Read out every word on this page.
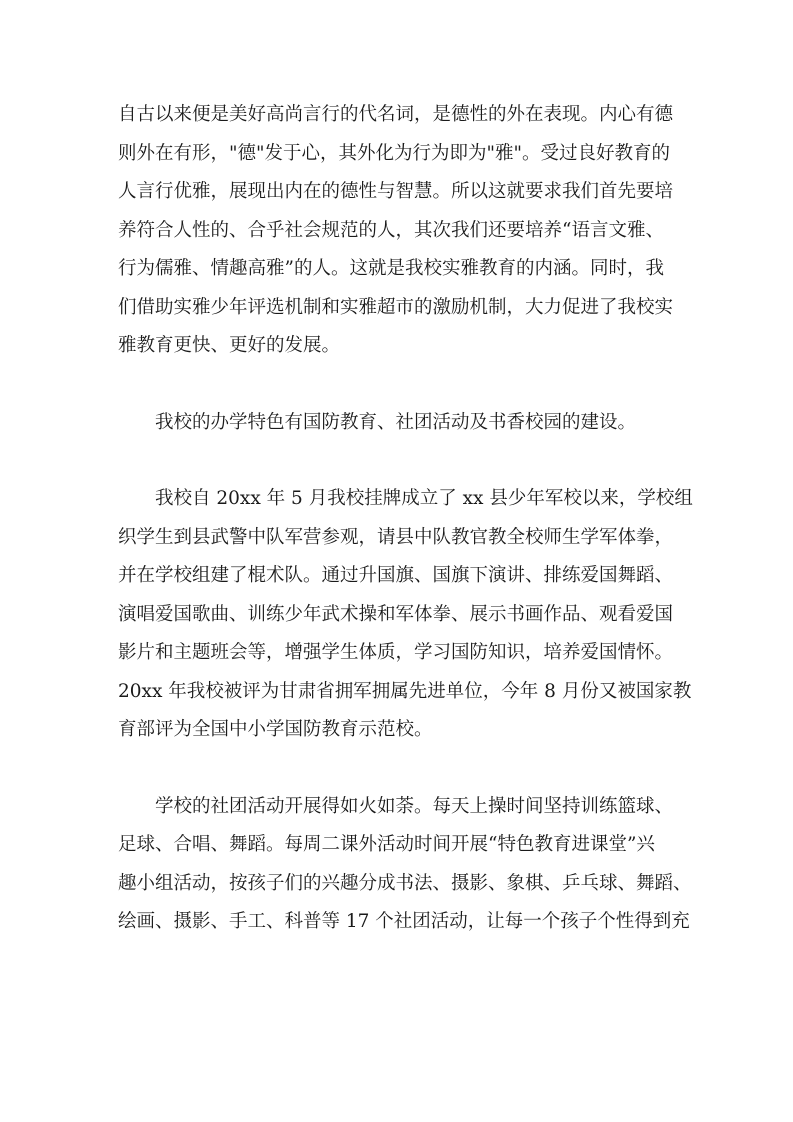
自古以来便是美好高尚言行的代名词，是德性的外在表现。内心有德
则外在有形，"德"发于心，其外化为行为即为"雅"。受过良好教育的
人言行优雅，展现出内在的德性与智慧。所以这就要求我们首先要培
养符合人性的、合乎社会规范的人，其次我们还要培养“语言文雅、
行为儒雅、情趣高雅”的人。这就是我校实雅教育的内涵。同时，我
们借助实雅少年评选机制和实雅超市的激励机制，大力促进了我校实
雅教育更快、更好的发展。

我校的办学特色有国防教育、社团活动及书香校园的建设。

我校自 20xx 年 5 月我校挂牌成立了 xx 县少年军校以来，学校组
织学生到县武警中队军营参观，请县中队教官教全校师生学军体拳，
并在学校组建了棍术队。通过升国旗、国旗下演讲、排练爱国舞蹈、
演唱爱国歌曲、训练少年武术操和军体拳、展示书画作品、观看爱国
影片和主题班会等，增强学生体质，学习国防知识，培养爱国情怀。
20xx 年我校被评为甘肃省拥军拥属先进单位，今年 8 月份又被国家教
育部评为全国中小学国防教育示范校。

学校的社团活动开展得如火如荼。每天上操时间坚持训练篮球、
足球、合唱、舞蹈。每周二课外活动时间开展“特色教育进课堂”兴
趣小组活动，按孩子们的兴趣分成书法、摄影、象棋、乒乓球、舞蹈、
绘画、摄影、手工、科普等 17 个社团活动，让每一个孩子个性得到充
